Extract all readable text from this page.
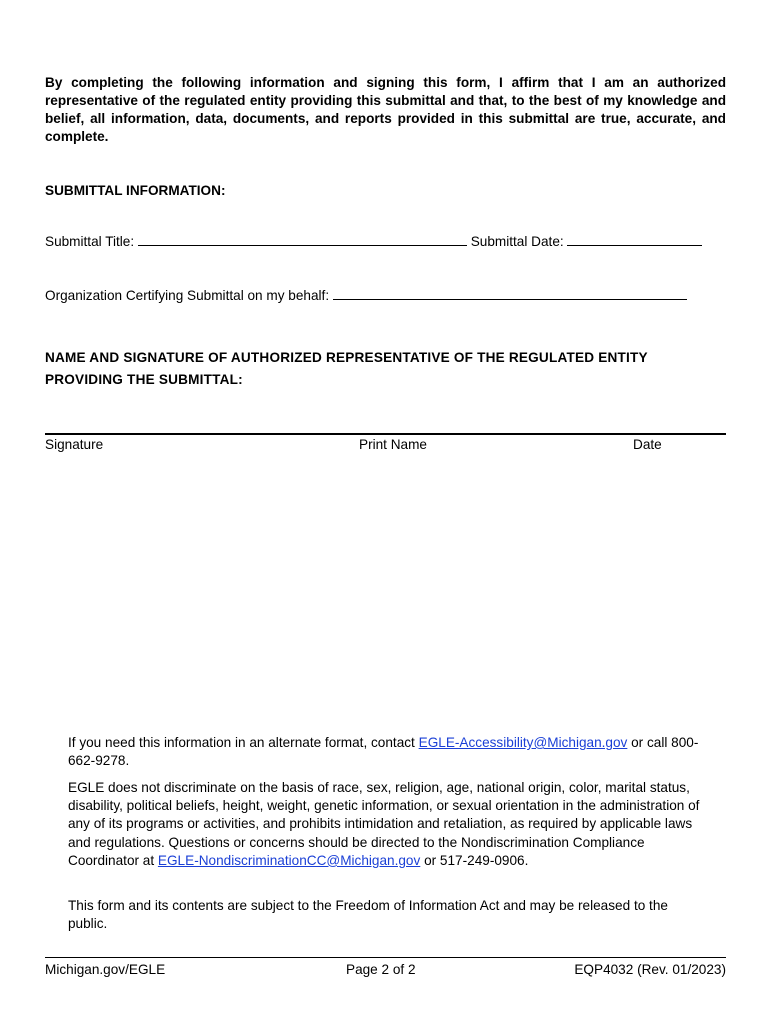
By completing the following information and signing this form, I affirm that I am an authorized representative of the regulated entity providing this submittal and that, to the best of my knowledge and belief, all information, data, documents, and reports provided in this submittal are true, accurate, and complete.
SUBMITTAL INFORMATION:
Submittal Title:	Submittal Date:
Organization Certifying Submittal on my behalf:
NAME AND SIGNATURE OF AUTHORIZED REPRESENTATIVE OF THE REGULATED ENTITY PROVIDING THE SUBMITTAL:
Signature	Print Name	Date
If you need this information in an alternate format, contact EGLE-Accessibility@Michigan.gov or call 800-662-9278.
EGLE does not discriminate on the basis of race, sex, religion, age, national origin, color, marital status, disability, political beliefs, height, weight, genetic information, or sexual orientation in the administration of any of its programs or activities, and prohibits intimidation and retaliation, as required by applicable laws and regulations. Questions or concerns should be directed to the Nondiscrimination Compliance Coordinator at EGLE-NondiscriminationCC@Michigan.gov or 517-249-0906.
This form and its contents are subject to the Freedom of Information Act and may be released to the public.
Michigan.gov/EGLE	Page 2 of 2	EQP4032 (Rev. 01/2023)
